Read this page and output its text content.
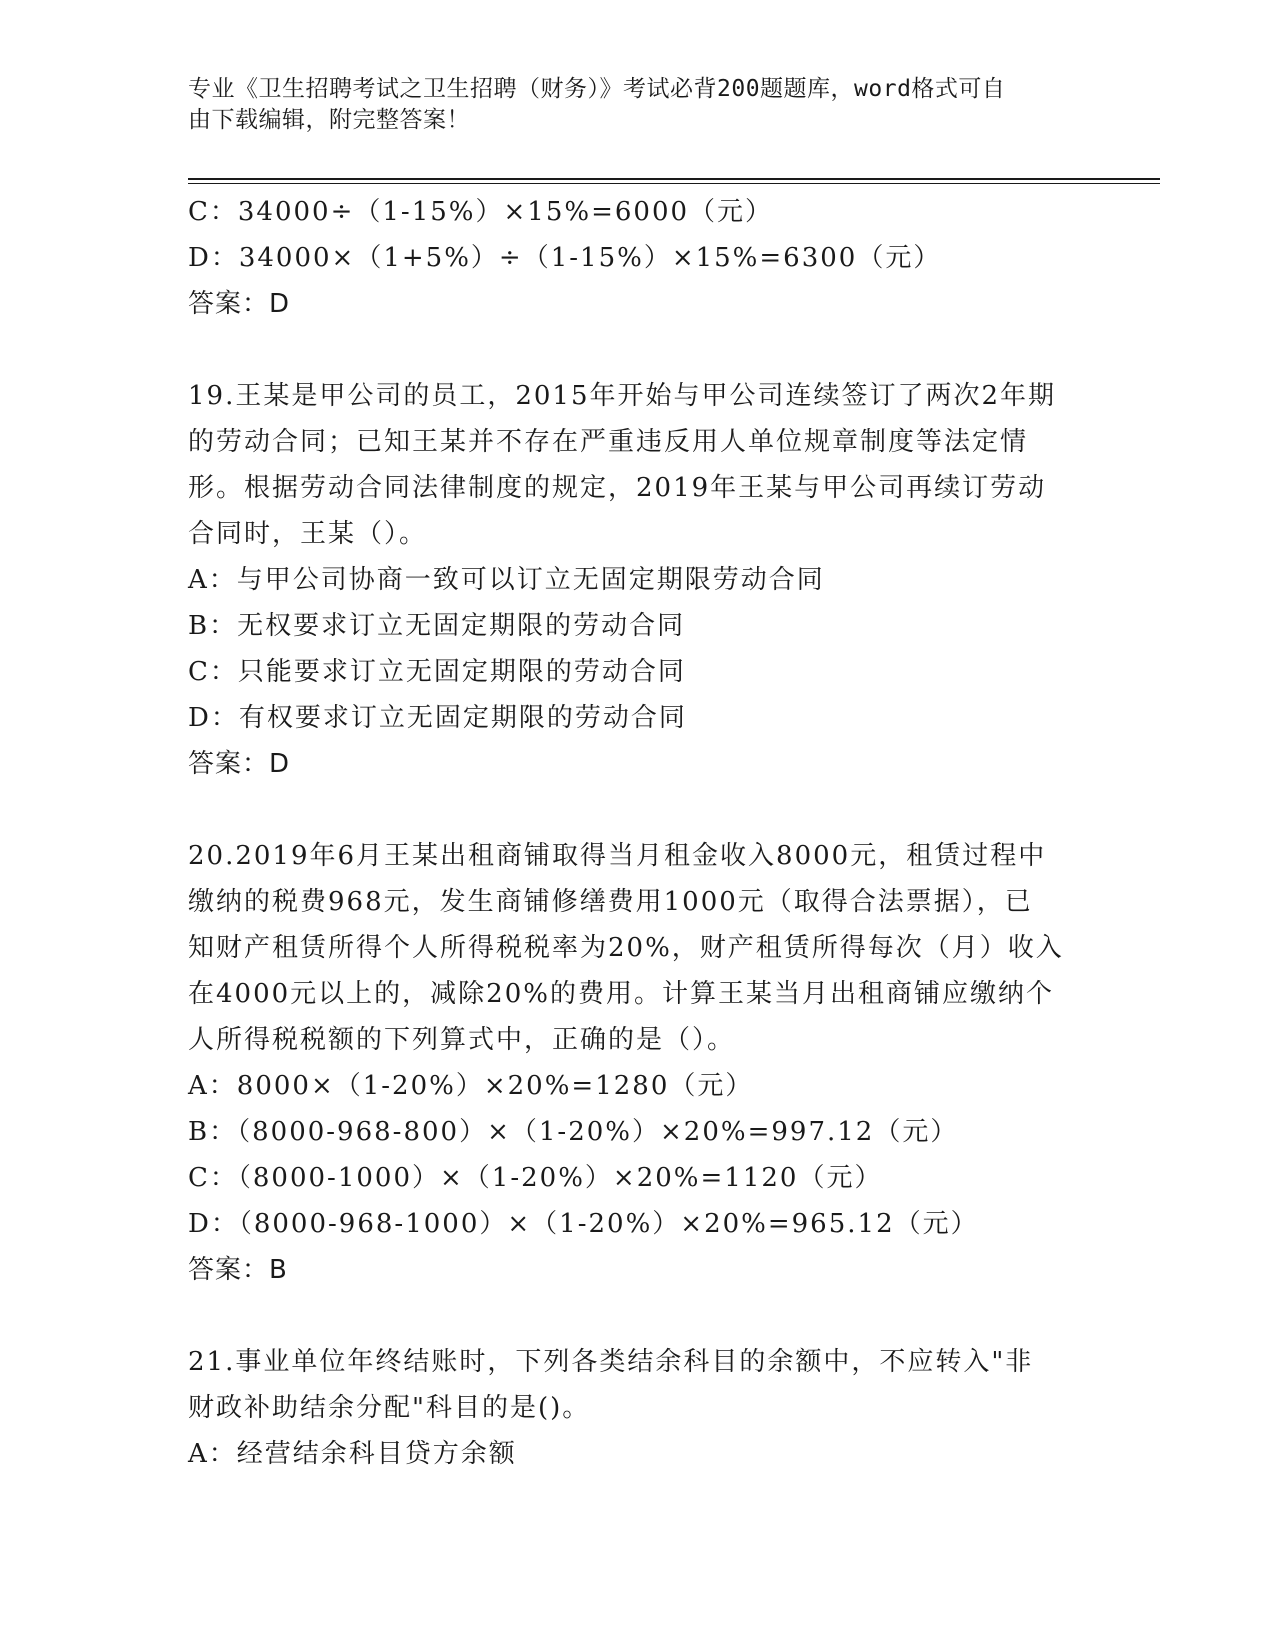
专业《卫生招聘考试之卫生招聘（财务）》考试必背200题题库，word格式可自

由下载编辑，附完整答案！

C：34000÷（1-15%）×15%=6000（元）

D：34000×（1+5%）÷（1-15%）×15%=6300（元）

答案：D

19.王某是甲公司的员工，2015年开始与甲公司连续签订了两次2年期

的劳动合同；已知王某并不存在严重违反用人单位规章制度等法定情

形。根据劳动合同法律制度的规定，2019年王某与甲公司再续订劳动

合同时，王某（）。

A：与甲公司协商一致可以订立无固定期限劳动合同

B：无权要求订立无固定期限的劳动合同

C：只能要求订立无固定期限的劳动合同

D：有权要求订立无固定期限的劳动合同

答案：D

20.2019年6月王某出租商铺取得当月租金收入8000元，租赁过程中

缴纳的税费968元，发生商铺修缮费用1000元（取得合法票据），已

知财产租赁所得个人所得税税率为20%，财产租赁所得每次（月）收入

在4000元以上的，减除20%的费用。计算王某当月出租商铺应缴纳个

人所得税税额的下列算式中，正确的是（）。

A：8000×（1-20%）×20%=1280（元）

B：（8000-968-800）×（1-20%）×20%=997.12（元）

C：（8000-1000）×（1-20%）×20%=1120（元）

D：（8000-968-1000）×（1-20%）×20%=965.12（元）

答案：B

21.事业单位年终结账时，下列各类结余科目的余额中，不应转入"非

财政补助结余分配"科目的是()。

A：经营结余科目贷方余额
